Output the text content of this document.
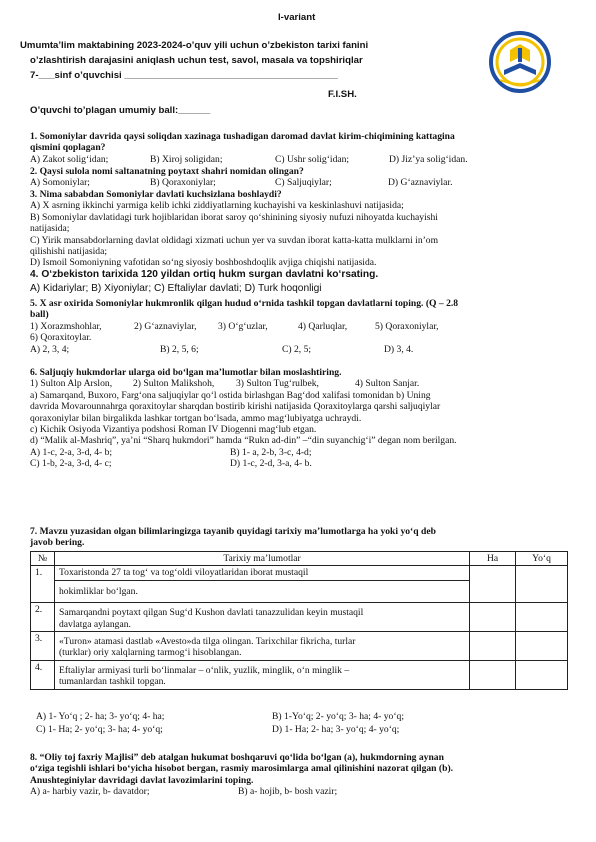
I-variant
Umumta’lim maktabining 2023-2024-o’quv yili uchun o’zbekiston tarixi fanini
o’zlashtirish darajasini aniqlash uchun test, savol, masala va topshiriqlar
7-___sinf o’quvchisi ________________________________________
F.I.SH.
O’quvchi to’plagan umumiy ball:______
1. Somoniylar davrida qaysi soliqdan xazinaga tushadigan daromad davlat kirim-chiqimining kattagina
qismini qoplagan?
A) Zakot solig‘idan;	B) Xiroj soligidan;	C) Ushr solig‘idan;	D) Jiz’ya solig‘idan.
2. Qaysi sulola nomi saltanatning poytaxt shahri nomidan olingan?
A) Somoniylar;	B) Qoraxoniylar;	C) Saljuqiylar;	D) G‘aznaviylar.
3. Nima sababdan Somoniylar davlati kuchsizlana boshlaydi?
A) X asrning ikkinchi yarmiga kelib ichki ziddiyatlarning kuchayishi va keskinlashuvi natijasida;
B) Somoniylar davlatidagi turk hojiblaridan iborat saroy qo‘shinining siyosiy nufuzi nihoyatda kuchayishi
natijasida;
C) Yirik mansabdorlarning davlat oldidagi xizmati uchun yer va suvdan iborat katta-katta mulklarni in’om
qilishishi natijasida;
D) Ismoil Somoniyning vafotidan so‘ng siyosiy boshboshdoqlik avjiga chiqishi natijasida.
4. O‘zbekiston tarixida 120 yildan ortiq hukm surgan davlatni ko‘rsating.
A) Kidariylar; B) Xiyoniylar; C) Eftaliylar davlati; D) Turk hoqonligi
5. X asr oxirida Somoniylar hukmronlik qilgan hudud o‘rnida tashkil topgan davlatlarni toping. (Q – 2.8
ball)
1) Xorazmshohlar,	2) G‘aznaviylar, 3) O‘g‘uzlar,	4) Qarluqlar,	5) Qoraxoniylar,
6) Qoraxitoylar.
A) 2, 3, 4;	B) 2, 5, 6;	C) 2, 5;	D) 3, 4.
6. Saljuqiy hukmdorlar ularga oid bo‘lgan ma’lumotlar bilan moslashtiring.
1) Sulton Alp Arslon, 2) Sulton Malikshoh, 3) Sulton Tug‘rulbek,	4) Sulton Sanjar.
a) Samarqand, Buxoro, Farg‘ona saljuqiylar qo‘l ostida birlashgan Bag‘dod xalifasi tomonidan b) Uning
davrida Movarounnahrga qoraxitoylar sharqdan bostirib kirishi natijasida Qoraxitoylarga qarshi saljuqiylar
qoraxoniylar bilan birgalikda lashkar tortgan bo‘lsada, ammo mag‘lubiyatga uchraydi.
c) Kichik Osiyoda Vizantiya podshosi Roman IV Diogenni mag‘lub etgan.
d) “Malik al-Mashriq”, ya’ni “Sharq hukmdori” hamda “Rukn ad-din” –“din suyanchig‘i” degan nom berilgan.
A) 1-c, 2-a, 3-d, 4- b;	B) 1- a, 2-b, 3-c, 4-d;
C) 1-b, 2-a, 3-d, 4- c;	D) 1-c, 2-d, 3-a, 4- b.
7. Mavzu yuzasidan olgan bilimlaringizga tayanib quyidagi tarixiy ma’lumotlarga ha yoki yo‘q deb
javob bering.
№	Tarixiy ma’lumotlar	Ha	Yo‘q
1.	Toxaristonda 27 ta tog‘ va tog‘oldi viloyatlaridan iborat mustaqil		
	hokimliklar bo‘lgan.		
2.	Samarqandni poytaxt qilgan Sug‘d Kushon davlati tanazzulidan keyin mustaqil
davlatga aylangan.		

3.	«Turon» atamasi dastlab «Avesto»da tilga olingan. Tarixchilar fikricha, turlar
(turklar) oriy xalqlarning tarmog‘i hisoblangan.		

4.	Eftaliylar armiyasi turli bo‘linmalar – o‘nlik, yuzlik, minglik, o‘n minglik –
tumanlardan tashkil topgan.		

A) 1- Yo‘q ; 2- ha; 3- yo‘q; 4- ha;	B) 1-Yo‘q; 2- yo‘q; 3- ha; 4- yo‘q;
C) 1- Ha; 2- yo‘q; 3- ha; 4- yo‘q;	D) 1- Ha; 2- ha; 3- yo‘q; 4- yo‘q;
8. “Oliy toj faxriy Majlisi” deb atalgan hukumat boshqaruvi qo‘lida bo‘lgan (a), hukmdorning aynan
o‘ziga tegishli ishlari bo‘yicha hisobot bergan, rasmiy marosimlarga amal qilinishini nazorat qilgan (b).
Anushteginiylar davridagi davlat lavozimlarini toping.
A) a- harbiy vazir, b- davatdor;	B) a- hojib, b- bosh vazir;
